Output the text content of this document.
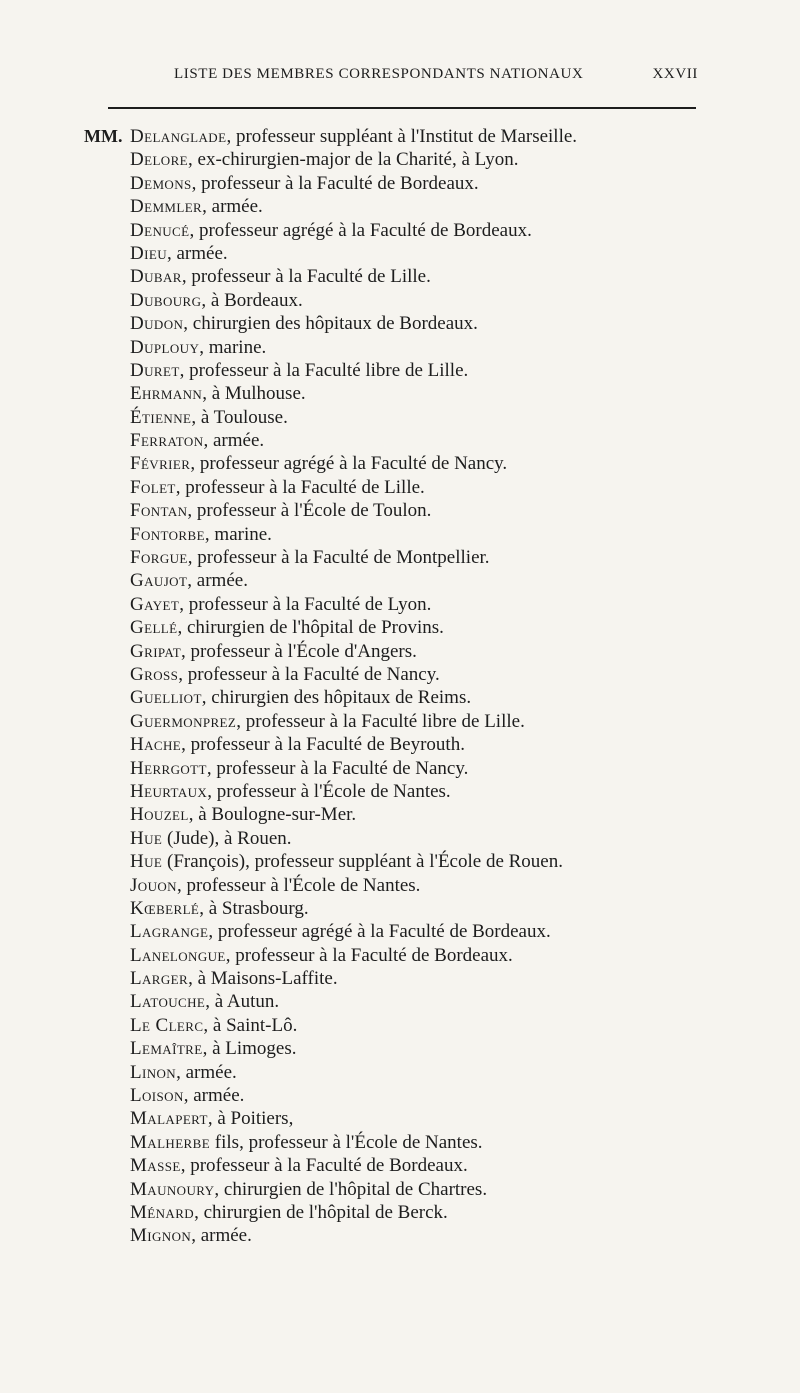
LISTE DES MEMBRES CORRESPONDANTS NATIONAUX	XXVII
MM. Delanglade, professeur suppléant à l'Institut de Marseille.
Delore, ex-chirurgien-major de la Charité, à Lyon.
Demons, professeur à la Faculté de Bordeaux.
Demmler, armée.
Denucé, professeur agrégé à la Faculté de Bordeaux.
Dieu, armée.
Dubar, professeur à la Faculté de Lille.
Dubourg, à Bordeaux.
Dudon, chirurgien des hôpitaux de Bordeaux.
Duplouy, marine.
Duret, professeur à la Faculté libre de Lille.
Ehrmann, à Mulhouse.
Étienne, à Toulouse.
Ferraton, armée.
Février, professeur agrégé à la Faculté de Nancy.
Folet, professeur à la Faculté de Lille.
Fontan, professeur à l'École de Toulon.
Fontorbe, marine.
Forgue, professeur à la Faculté de Montpellier.
Gaujot, armée.
Gayet, professeur à la Faculté de Lyon.
Gellé, chirurgien de l'hôpital de Provins.
Gripat, professeur à l'École d'Angers.
Gross, professeur à la Faculté de Nancy.
Guelliot, chirurgien des hôpitaux de Reims.
Guermonprez, professeur à la Faculté libre de Lille.
Hache, professeur à la Faculté de Beyrouth.
Herrgott, professeur à la Faculté de Nancy.
Heurtaux, professeur à l'École de Nantes.
Houzel, à Boulogne-sur-Mer.
Hue (Jude), à Rouen.
Hue (François), professeur suppléant à l'École de Rouen.
Jouon, professeur à l'École de Nantes.
Kœberlé, à Strasbourg.
Lagrange, professeur agrégé à la Faculté de Bordeaux.
Lanelongue, professeur à la Faculté de Bordeaux.
Larger, à Maisons-Laffite.
Latouche, à Autun.
Le Clerc, à Saint-Lô.
Lemaître, à Limoges.
Linon, armée.
Loison, armée.
Malapert, à Poitiers,
Malherbe fils, professeur à l'École de Nantes.
Masse, professeur à la Faculté de Bordeaux.
Maunoury, chirurgien de l'hôpital de Chartres.
Ménard, chirurgien de l'hôpital de Berck.
Mignon, armée.
